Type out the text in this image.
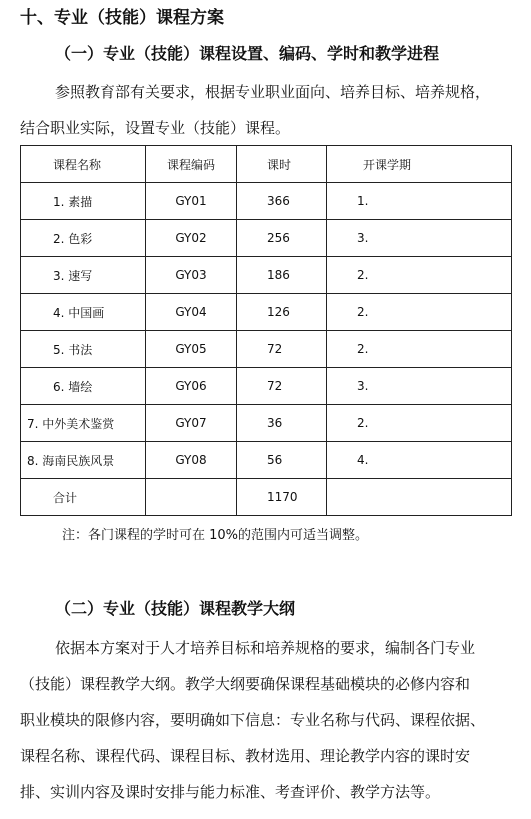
十、专业（技能）课程方案
（一）专业（技能）课程设置、编码、学时和教学进程
参照教育部有关要求，根据专业职业面向、培养目标、培养规格，
结合职业实际，设置专业（技能）课程。
课程名称	课程编码	课时	开课学期
1. 素描	GY01	366	1.
2. 色彩	GY02	256	3.
3. 速写	GY03	186	2.
4. 中国画	GY04	126	2.
5. 书法	GY05	72	2.
6. 墙绘	GY06	72	3.
7. 中外美术鉴赏	GY07	36	2.
8. 海南民族风景	GY08	56	4.
合计		1170	
注：各门课程的学时可在 10%的范围内可适当调整。
（二）专业（技能）课程教学大纲
依据本方案对于人才培养目标和培养规格的要求，编制各门专业
（技能）课程教学大纲。教学大纲要确保课程基础模块的必修内容和
职业模块的限修内容，要明确如下信息：专业名称与代码、课程依据、
课程名称、课程代码、课程目标、教材选用、理论教学内容的课时安
排、实训内容及课时安排与能力标准、考查评价、教学方法等。
